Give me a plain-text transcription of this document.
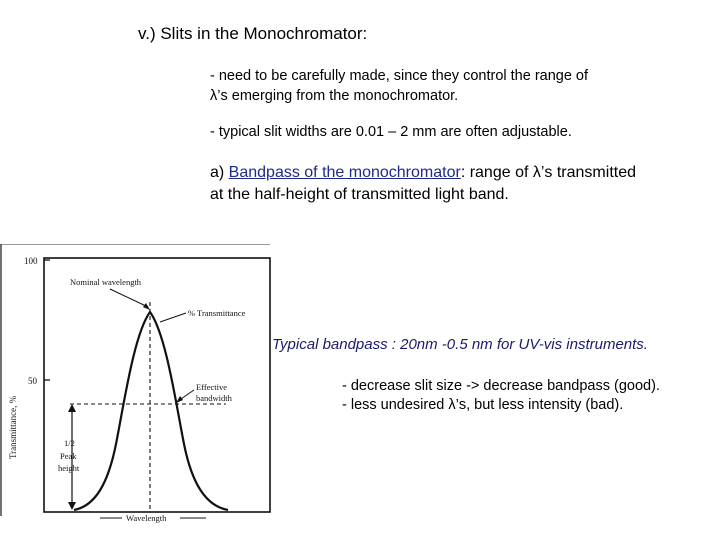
v.) Slits in the Monochromator:
- need to be carefully made, since they control the range of
λ’s emerging from the monochromator.
- typical slit widths are 0.01 – 2 mm are often adjustable.
a) Bandpass of the monochromator: range of λ’s transmitted
at the half-height of transmitted light band.
100
50
Transmittance, %
Nominal wavelength
% Transmittance
Effective
bandwidth
1/2
Peak
height
Wavelength
Typical bandpass : 20nm -0.5 nm for UV-vis instruments.
- decrease slit size -> decrease bandpass (good).
- less undesired λ’s, but less intensity (bad).
